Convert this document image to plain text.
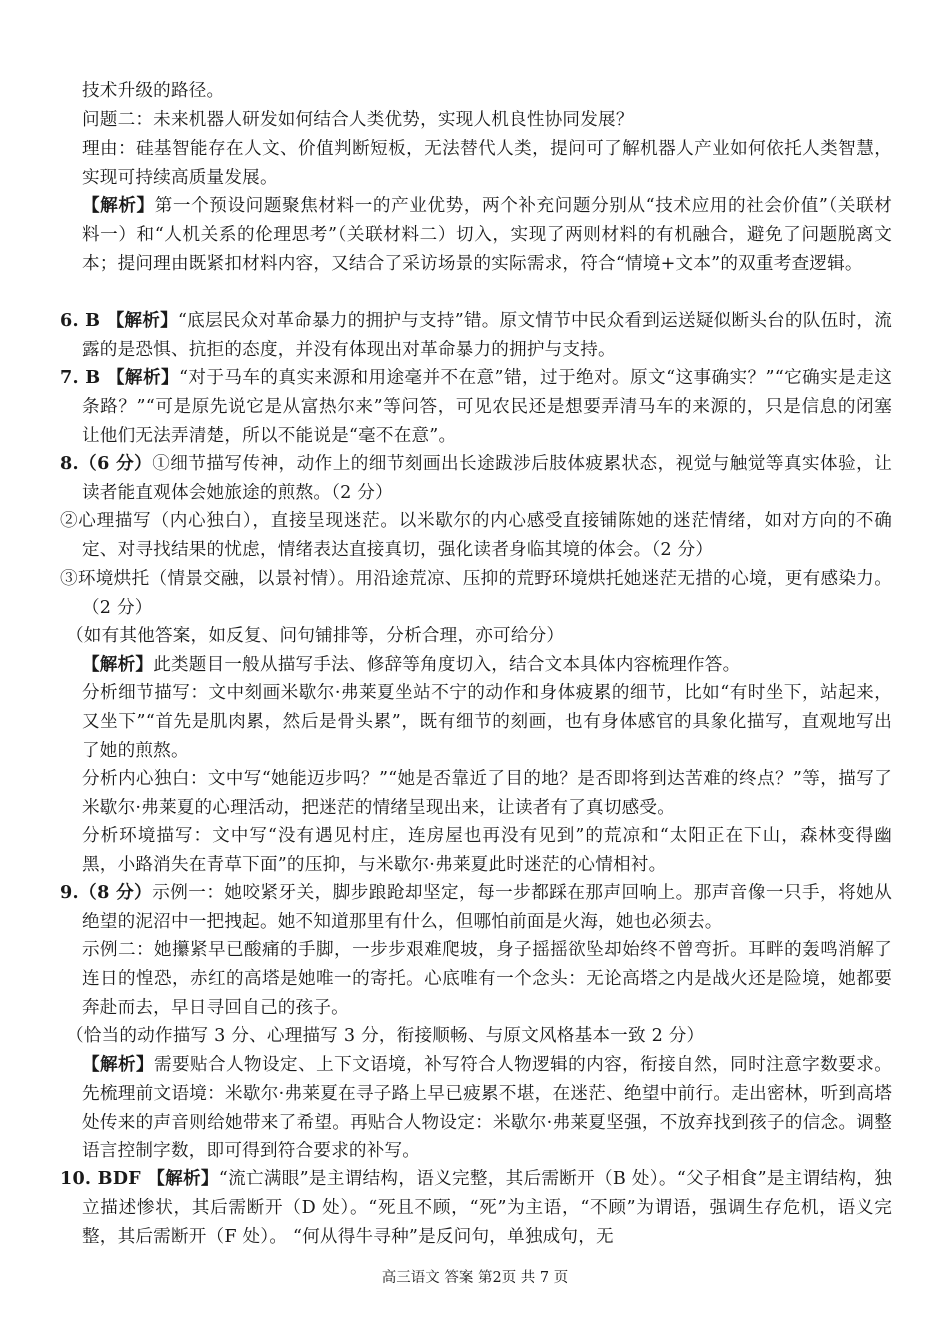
技术升级的路径。
问题二：未来机器人研发如何结合人类优势，实现人机良性协同发展？
理由：硅基智能存在人文、价值判断短板，无法替代人类，提问可了解机器人产业如何依托人类智慧，实现可持续高质量发展。
【解析】第一个预设问题聚焦材料一的产业优势，两个补充问题分别从“技术应用的社会价值”（关联材料一）和“人机关系的伦理思考”（关联材料二）切入，实现了两则材料的有机融合，避免了问题脱离文本；提问理由既紧扣材料内容，又结合了采访场景的实际需求，符合“情境+文本”的双重考查逻辑。
6. B 【解析】“底层民众对革命暴力的拥护与支持”错。原文情节中民众看到运送疑似断头台的队伍时，流露的是恐惧、抗拒的态度，并没有体现出对革命暴力的拥护与支持。
7. B 【解析】“对于马车的真实来源和用途毫并不在意”错，过于绝对。原文“这事确实？”“它确实是走这条路？”“可是原先说它是从富热尔来”等问答，可见农民还是想要弄清马车的来源的，只是信息的闭塞让他们无法弄清楚，所以不能说是“毫不在意”。
8.（6 分）①细节描写传神，动作上的细节刻画出长途跋涉后肢体疲累状态，视觉与触觉等真实体验，让读者能直观体会她旅途的煎熬。（2 分）
②心理描写（内心独白），直接呈现迷茫。以米歇尔的内心感受直接铺陈她的迷茫情绪，如对方向的不确定、对寻找结果的忧虑，情绪表达直接真切，强化读者身临其境的体会。（2 分）
③环境烘托（情景交融，以景衬情）。用沿途荒凉、压抑的荒野环境烘托她迷茫无措的心境，更有感染力。（2 分）
（如有其他答案，如反复、问句铺排等，分析合理，亦可给分）
【解析】此类题目一般从描写手法、修辞等角度切入，结合文本具体内容梳理作答。
分析细节描写：文中刻画米歇尔·弗莱夏坐站不宁的动作和身体疲累的细节，比如“有时坐下，站起来，又坐下”“首先是肌肉累，然后是骨头累”，既有细节的刻画，也有身体感官的具象化描写，直观地写出了她的煎熬。
分析内心独白：文中写“她能迈步吗？”“她是否靠近了目的地？是否即将到达苦难的终点？”等，描写了米歇尔·弗莱夏的心理活动，把迷茫的情绪呈现出来，让读者有了真切感受。
分析环境描写：文中写“没有遇见村庄，连房屋也再没有见到”的荒凉和“太阳正在下山，森林变得幽黑，小路消失在青草下面”的压抑，与米歇尔·弗莱夏此时迷茫的心情相衬。
9.（8 分）示例一：她咬紧牙关，脚步踉跄却坚定，每一步都踩在那声回响上。那声音像一只手，将她从绝望的泥沼中一把拽起。她不知道那里有什么，但哪怕前面是火海，她也必须去。
示例二：她攥紧早已酸痛的手脚，一步步艰难爬坡，身子摇摇欲坠却始终不曾弯折。耳畔的轰鸣消解了连日的惶恐，赤红的高塔是她唯一的寄托。心底唯有一个念头：无论高塔之内是战火还是险境，她都要奔赴而去，早日寻回自己的孩子。
（恰当的动作描写 3 分、心理描写 3 分，衔接顺畅、与原文风格基本一致 2 分）
【解析】需要贴合人物设定、上下文语境，补写符合人物逻辑的内容，衔接自然，同时注意字数要求。先梳理前文语境：米歇尔·弗莱夏在寻子路上早已疲累不堪，在迷茫、绝望中前行。走出密林，听到高塔处传来的声音则给她带来了希望。再贴合人物设定：米歇尔·弗莱夏坚强，不放弃找到孩子的信念。调整语言控制字数，即可得到符合要求的补写。
10. BDF 【解析】“流亡满眼”是主谓结构，语义完整，其后需断开（B 处）。“父子相食”是主谓结构，独立描述惨状，其后需断开（D 处）。“死且不顾，“死”为主语，“不顾”为谓语，强调生存危机，语义完整，其后需断开（F 处）。 “何从得牛寻种”是反问句，单独成句，无
高三语文 答案 第2页 共 7 页
